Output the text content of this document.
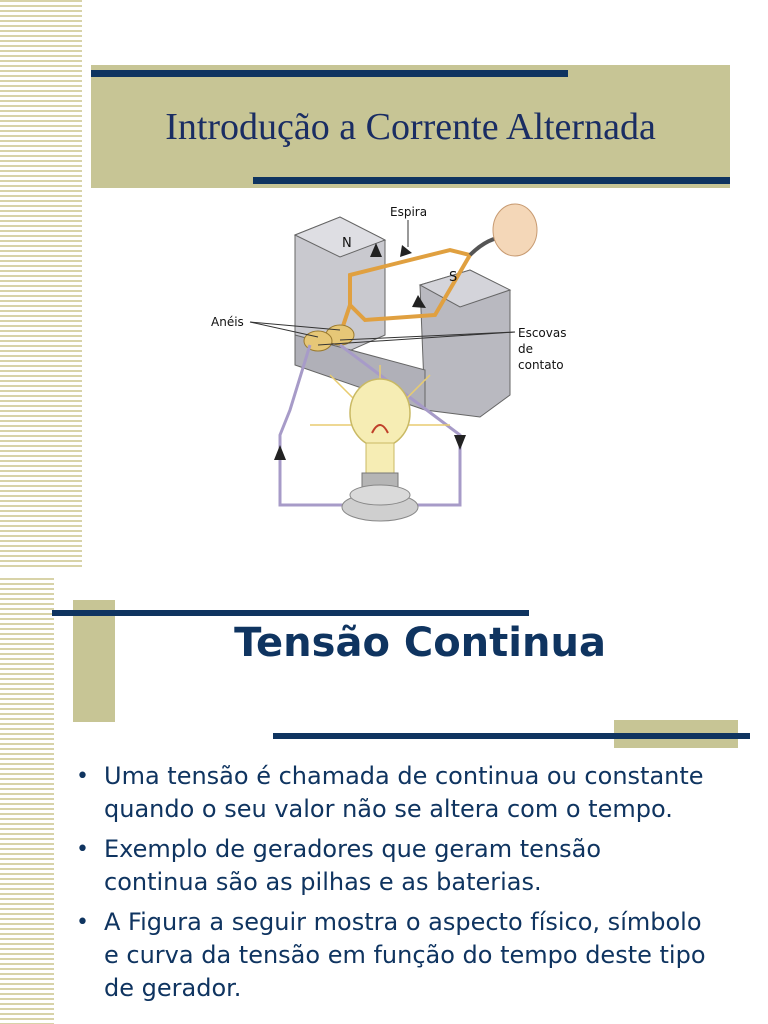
Introdução a Corrente Alternada
Espira
N
S
Anéis
Escovas
de
contato
Tensão Continua
• Uma tensão é chamada de continua ou constante quando o seu valor não se altera com o tempo.
• Exemplo de geradores que geram tensão continua são as pilhas e as baterias.
• A Figura a seguir mostra o aspecto físico, símbolo e curva da tensão em função do tempo deste tipo de gerador.
